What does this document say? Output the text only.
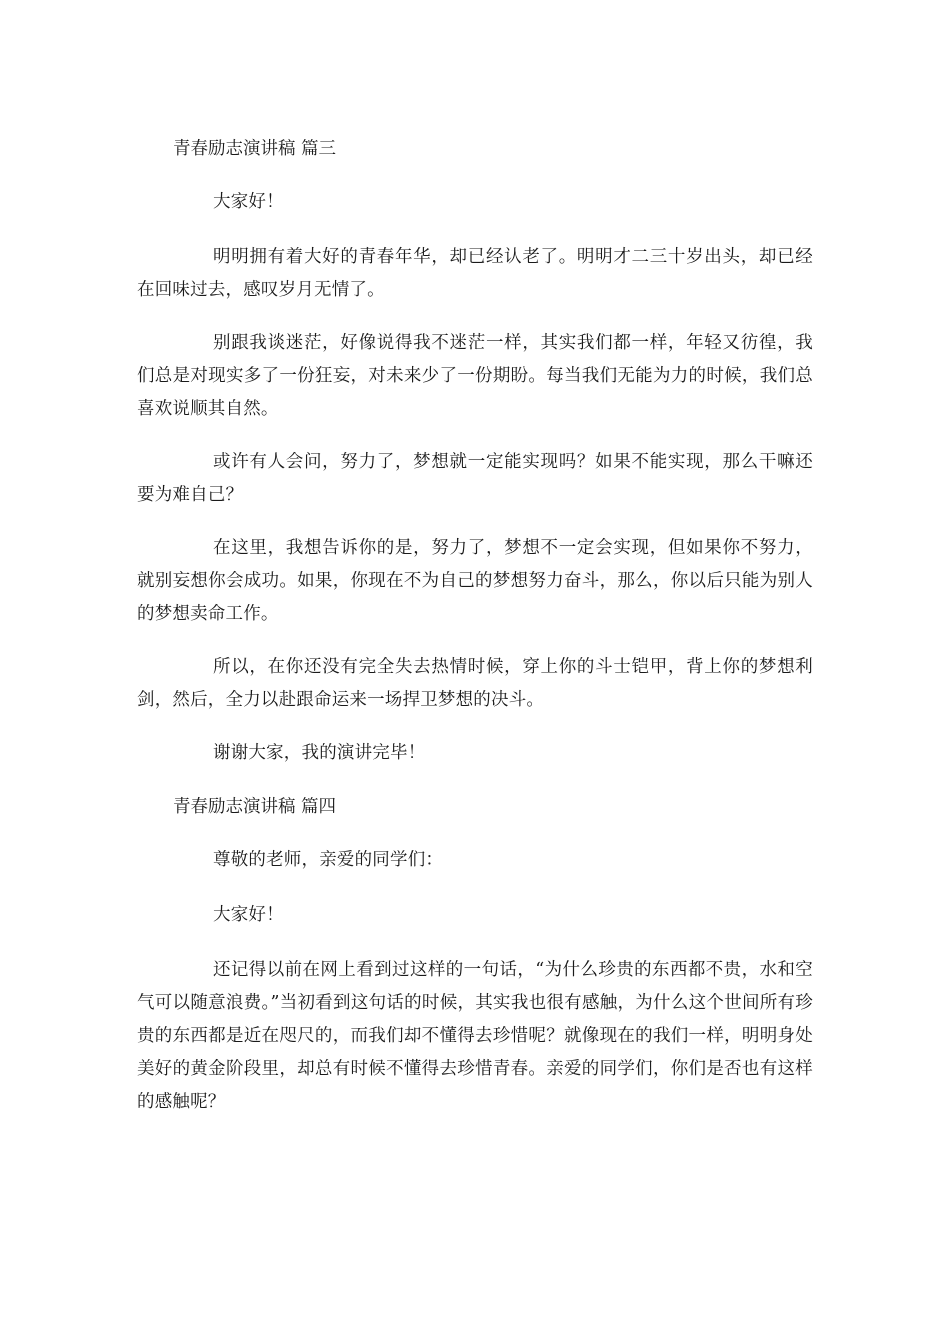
青春励志演讲稿 篇三

大家好！

明明拥有着大好的青春年华，却已经认老了。明明才二三十岁出头，却已经在回味过去，感叹岁月无情了。

别跟我谈迷茫，好像说得我不迷茫一样，其实我们都一样，年轻又彷徨，我们总是对现实多了一份狂妄，对未来少了一份期盼。每当我们无能为力的时候，我们总喜欢说顺其自然。

或许有人会问，努力了，梦想就一定能实现吗？如果不能实现，那么干嘛还要为难自己？

在这里，我想告诉你的是，努力了，梦想不一定会实现，但如果你不努力，就别妄想你会成功。如果，你现在不为自己的梦想努力奋斗，那么，你以后只能为别人的梦想卖命工作。

所以，在你还没有完全失去热情时候，穿上你的斗士铠甲，背上你的梦想利剑，然后，全力以赴跟命运来一场捍卫梦想的决斗。

谢谢大家，我的演讲完毕！

青春励志演讲稿 篇四

尊敬的老师，亲爱的同学们：

大家好！

还记得以前在网上看到过这样的一句话，“为什么珍贵的东西都不贵，水和空气可以随意浪费。”当初看到这句话的时候，其实我也很有感触，为什么这个世间所有珍贵的东西都是近在咫尺的，而我们却不懂得去珍惜呢？就像现在的我们一样，明明身处美好的黄金阶段里，却总有时候不懂得去珍惜青春。亲爱的同学们，你们是否也有这样的感触呢？
